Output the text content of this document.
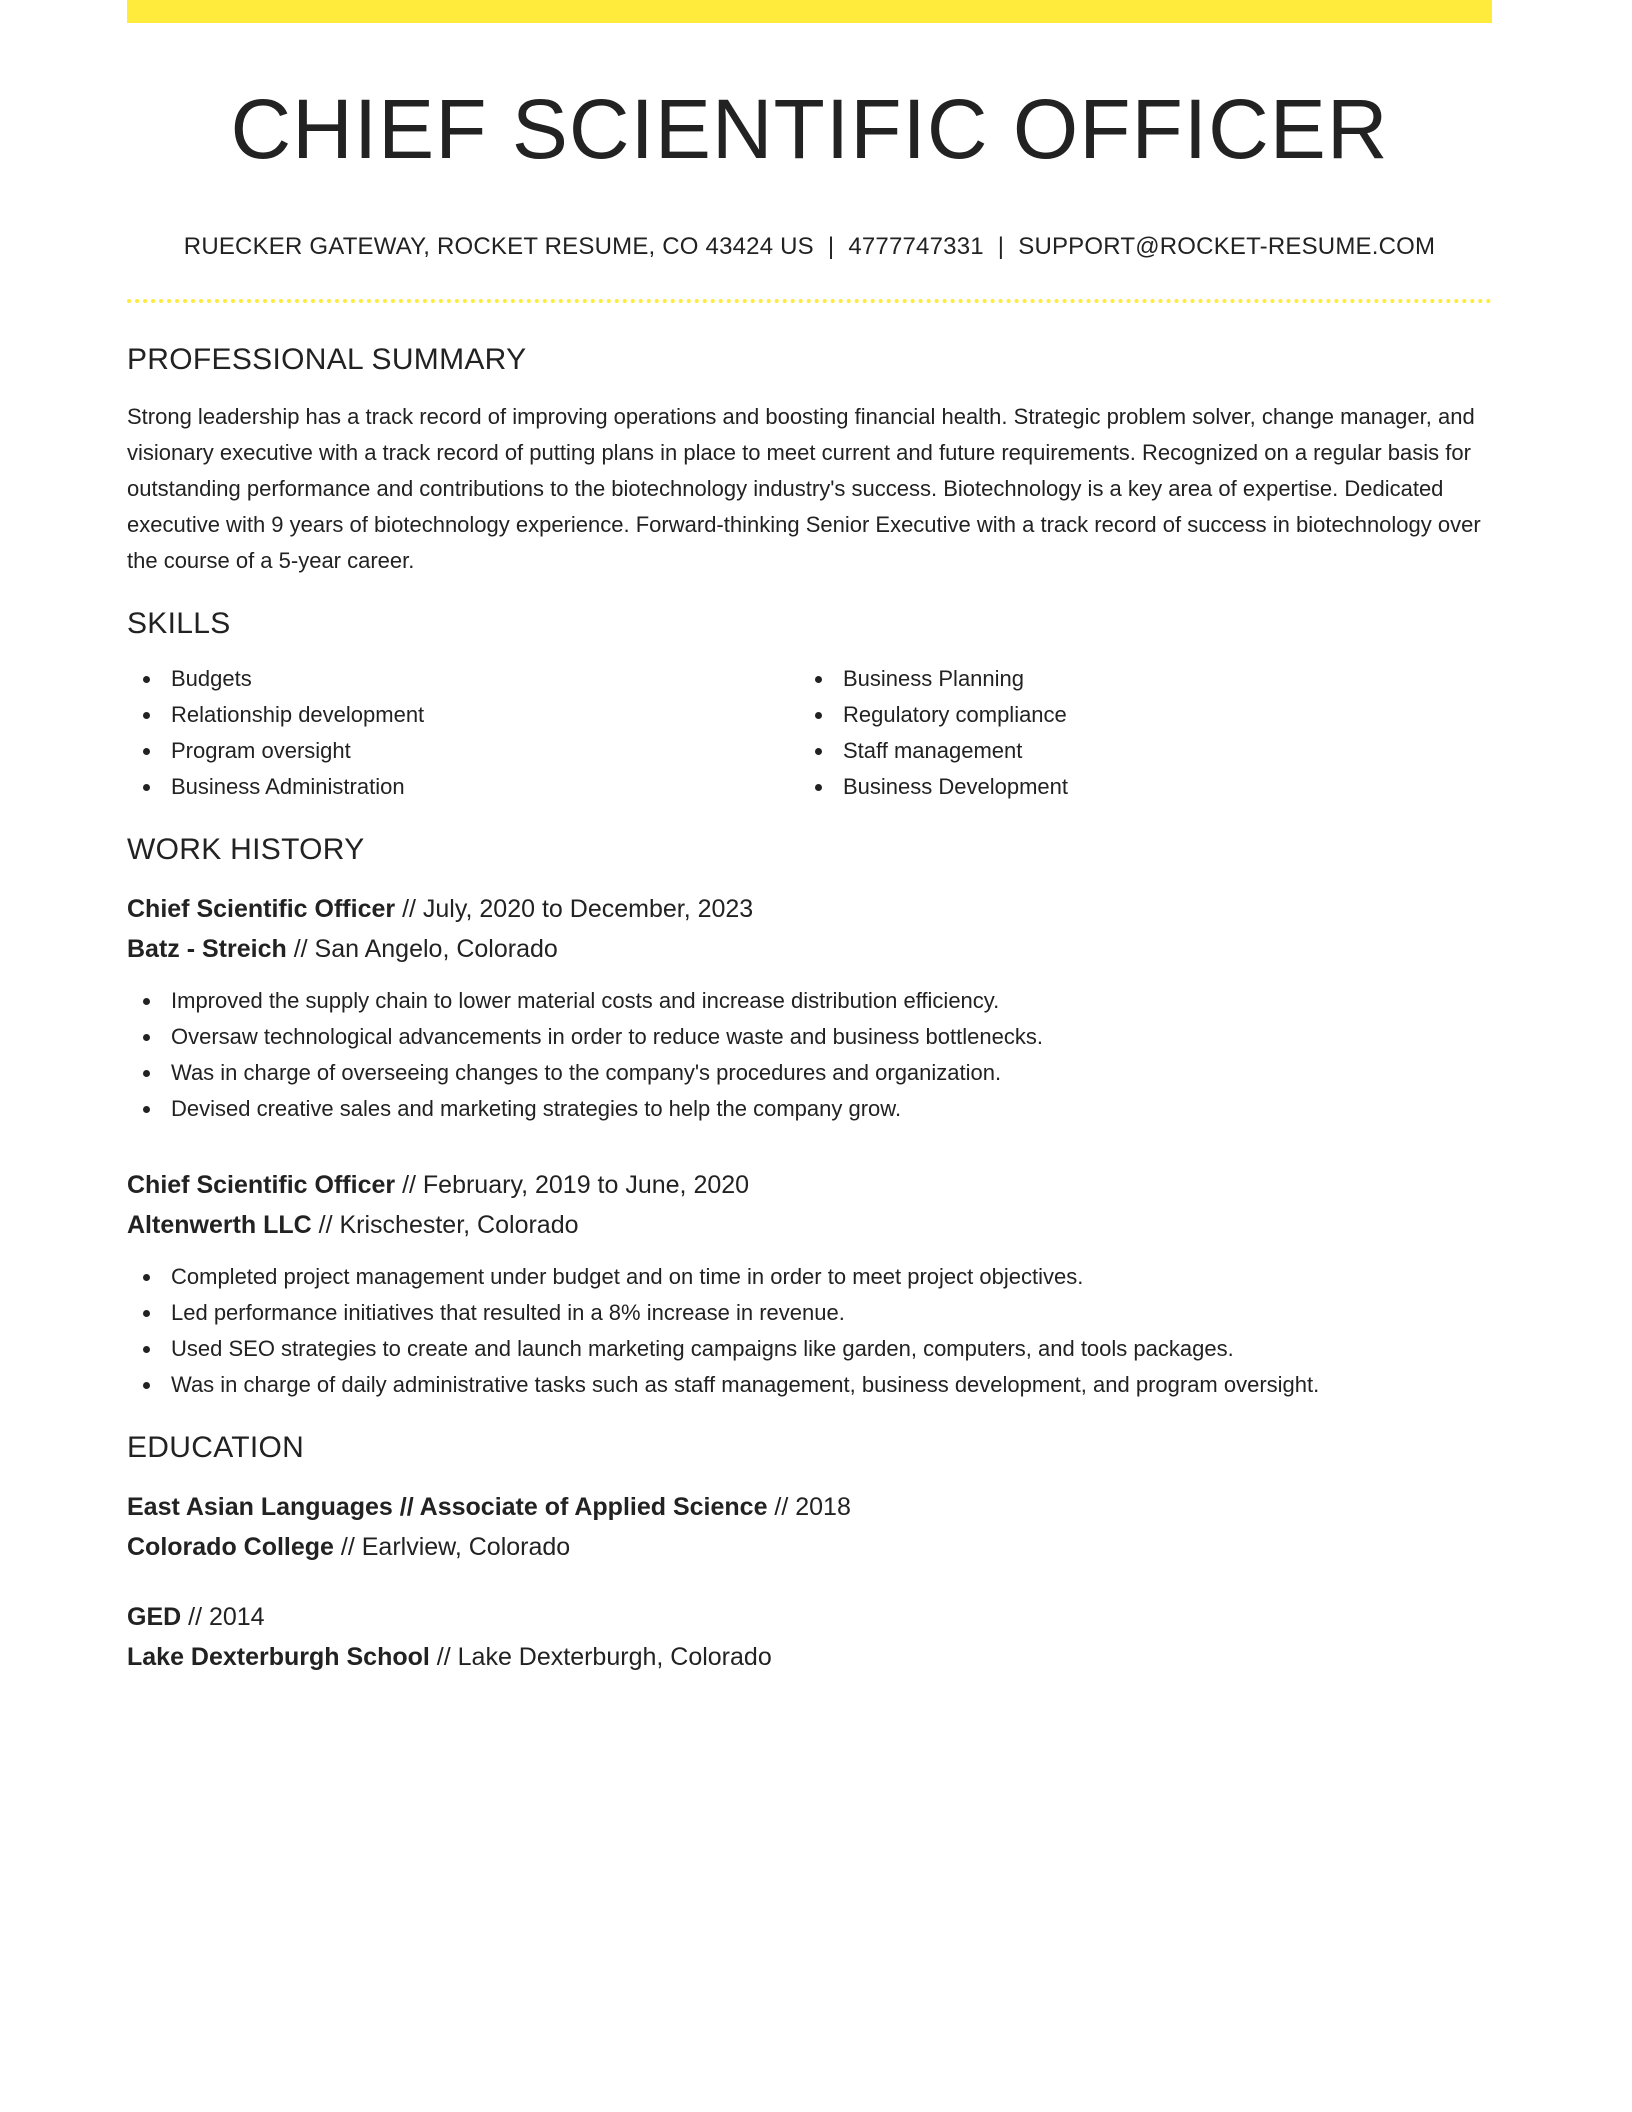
CHIEF SCIENTIFIC OFFICER
RUECKER GATEWAY, ROCKET RESUME, CO 43424 US | 4777747331 | SUPPORT@ROCKET-RESUME.COM
PROFESSIONAL SUMMARY

Strong leadership has a track record of improving operations and boosting financial health. Strategic problem solver, change manager, and visionary executive with a track record of putting plans in place to meet current and future requirements. Recognized on a regular basis for outstanding performance and contributions to the biotechnology industry's success. Biotechnology is a key area of expertise. Dedicated executive with 9 years of biotechnology experience. Forward-thinking Senior Executive with a track record of success in biotechnology over the course of a 5-year career.

SKILLS
Budgets
Relationship development
Program oversight
Business Administration
Business Planning
Regulatory compliance
Staff management
Business Development
WORK HISTORY
Chief Scientific Officer // July, 2020 to December, 2023
Batz - Streich // San Angelo, Colorado
Improved the supply chain to lower material costs and increase distribution efficiency.
Oversaw technological advancements in order to reduce waste and business bottlenecks.
Was in charge of overseeing changes to the company's procedures and organization.
Devised creative sales and marketing strategies to help the company grow.
Chief Scientific Officer // February, 2019 to June, 2020
Altenwerth LLC // Krischester, Colorado
Completed project management under budget and on time in order to meet project objectives.
Led performance initiatives that resulted in a 8% increase in revenue.
Used SEO strategies to create and launch marketing campaigns like garden, computers, and tools packages.
Was in charge of daily administrative tasks such as staff management, business development, and program oversight.
EDUCATION
East Asian Languages // Associate of Applied Science // 2018
Colorado College // Earlview, Colorado
GED // 2014
Lake Dexterburgh School // Lake Dexterburgh, Colorado
